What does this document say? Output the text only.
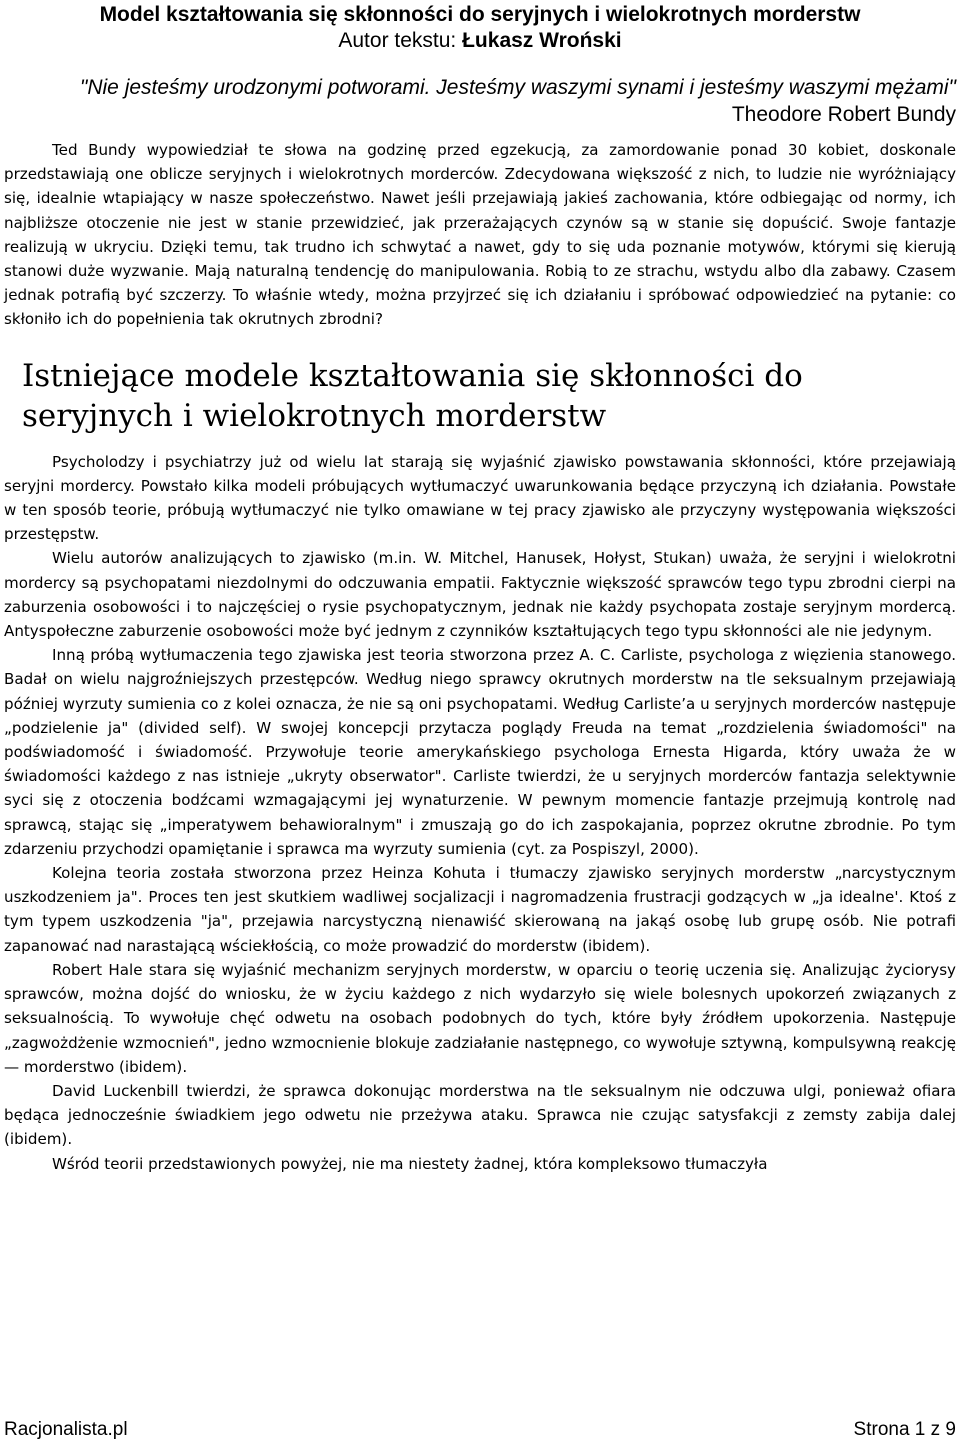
Model kształtowania się skłonności do seryjnych i wielokrotnych morderstw
Autor tekstu: Łukasz Wroński
"Nie jesteśmy urodzonymi potworami. Jesteśmy waszymi synami i jesteśmy waszymi mężami"
Theodore Robert Bundy

Ted Bundy wypowiedział te słowa na godzinę przed egzekucją, za zamordowanie ponad 30 kobiet, doskonale przedstawiają one oblicze seryjnych i wielokrotnych morderców. Zdecydowana większość z nich, to ludzie nie wyróżniający się, idealnie wtapiający w nasze społeczeństwo. Nawet jeśli przejawiają jakieś zachowania, które odbiegając od normy, ich najbliższe otoczenie nie jest w stanie przewidzieć, jak przerażających czynów są w stanie się dopuścić. Swoje fantazje realizują w ukryciu. Dzięki temu, tak trudno ich schwytać a nawet, gdy to się uda poznanie motywów, którymi się kierują stanowi duże wyzwanie. Mają naturalną tendencję do manipulowania. Robią to ze strachu, wstydu albo dla zabawy. Czasem jednak potrafią być szczerzy. To właśnie wtedy, można przyjrzeć się ich działaniu i spróbować odpowiedzieć na pytanie: co skłoniło ich do popełnienia tak okrutnych zbrodni?

Istniejące modele kształtowania się skłonności do seryjnych i wielokrotnych morderstw

Psycholodzy i psychiatrzy już od wielu lat starają się wyjaśnić zjawisko powstawania skłonności, które przejawiają seryjni mordercy. Powstało kilka modeli próbujących wytłumaczyć uwarunkowania będące przyczyną ich działania. Powstałe w ten sposób teorie, próbują wytłumaczyć nie tylko omawiane w tej pracy zjawisko ale przyczyny występowania większości przestępstw.

Wielu autorów analizujących to zjawisko (m.in. W. Mitchel, Hanusek, Hołyst, Stukan) uważa, że seryjni i wielokrotni mordercy są psychopatami niezdolnymi do odczuwania empatii. Faktycznie większość sprawców tego typu zbrodni cierpi na zaburzenia osobowości i to najczęściej o rysie psychopatycznym, jednak nie każdy psychopata zostaje seryjnym mordercą. Antyspołeczne zaburzenie osobowości może być jednym z czynników kształtujących tego typu skłonności ale nie jedynym.

Inną próbą wytłumaczenia tego zjawiska jest teoria stworzona przez A. C. Carliste, psychologa z więzienia stanowego. Badał on wielu najgroźniejszych przestępców. Według niego sprawcy okrutnych morderstw na tle seksualnym przejawiają później wyrzuty sumienia co z kolei oznacza, że nie są oni psychopatami. Według Carliste’a u seryjnych morderców następuje „podzielenie ja" (divided self). W swojej koncepcji przytacza poglądy Freuda na temat „rozdzielenia świadomości" na podświadomość i świadomość. Przywołuje teorie amerykańskiego psychologa Ernesta Higarda, który uważa że w świadomości każdego z nas istnieje „ukryty obserwator". Carliste twierdzi, że u seryjnych morderców fantazja selektywnie syci się z otoczenia bodźcami wzmagającymi jej wynaturzenie. W pewnym momencie fantazje przejmują kontrolę nad sprawcą, stając się „imperatywem behawioralnym" i zmuszają go do ich zaspokajania, poprzez okrutne zbrodnie. Po tym zdarzeniu przychodzi opamiętanie i sprawca ma wyrzuty sumienia (cyt. za Pospiszyl, 2000).

Kolejna teoria została stworzona przez Heinza Kohuta i tłumaczy zjawisko seryjnych morderstw „narcystycznym uszkodzeniem ja". Proces ten jest skutkiem wadliwej socjalizacji i nagromadzenia frustracji godzących w „ja idealne'. Ktoś z tym typem uszkodzenia "ja", przejawia narcystyczną nienawiść skierowaną na jakąś osobę lub grupę osób. Nie potrafi zapanować nad narastającą wściekłością, co może prowadzić do morderstw (ibidem).

Robert Hale stara się wyjaśnić mechanizm seryjnych morderstw, w oparciu o teorię uczenia się. Analizując życiorysy sprawców, można dojść do wniosku, że w życiu każdego z nich wydarzyło się wiele bolesnych upokorzeń związanych z seksualnością. To wywołuje chęć odwetu na osobach podobnych do tych, które były źródłem upokorzenia. Następuje „zagwożdżenie wzmocnień", jedno wzmocnienie blokuje zadziałanie następnego, co wywołuje sztywną, kompulsywną reakcję — morderstwo (ibidem).

David Luckenbill twierdzi, że sprawca dokonując morderstwa na tle seksualnym nie odczuwa ulgi, ponieważ ofiara będąca jednocześnie świadkiem jego odwetu nie przeżywa ataku. Sprawca nie czując satysfakcji z zemsty zabija dalej (ibidem).

Wśród teorii przedstawionych powyżej, nie ma niestety żadnej, która kompleksowo tłumaczyła

Racjonalista.pl	Strona 1 z 9
